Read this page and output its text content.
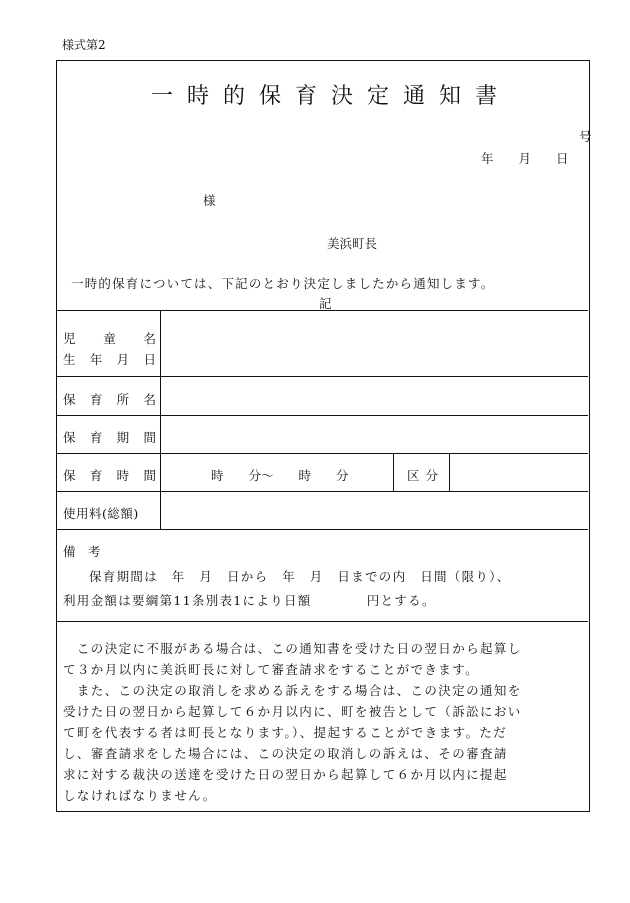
様式第2
一時的保育決定通知書
号
年　　月　　日
様
美浜町長
一時的保育については、下記のとおり決定しましたから通知します。
記
児童名
生年月日
保育所名
保育期間
保育時間	時　　分～　　時　　分	区分
使用料(総額)
備　考
保育期間は　年　月　日から　年　月　日までの内　日間（限り）、
利用金額は要綱第11条別表1により日額　　　　円とする。
　この決定に不服がある場合は、この通知書を受けた日の翌日から起算し
て３か月以内に美浜町長に対して審査請求をすることができます。
　また、この決定の取消しを求める訴えをする場合は、この決定の通知を
受けた日の翌日から起算して６か月以内に、町を被告として（訴訟におい
て町を代表する者は町長となります。）、提起することができます。ただ
し、審査請求をした場合には、この決定の取消しの訴えは、その審査請
求に対する裁決の送達を受けた日の翌日から起算して６か月以内に提起
しなければなりません。
